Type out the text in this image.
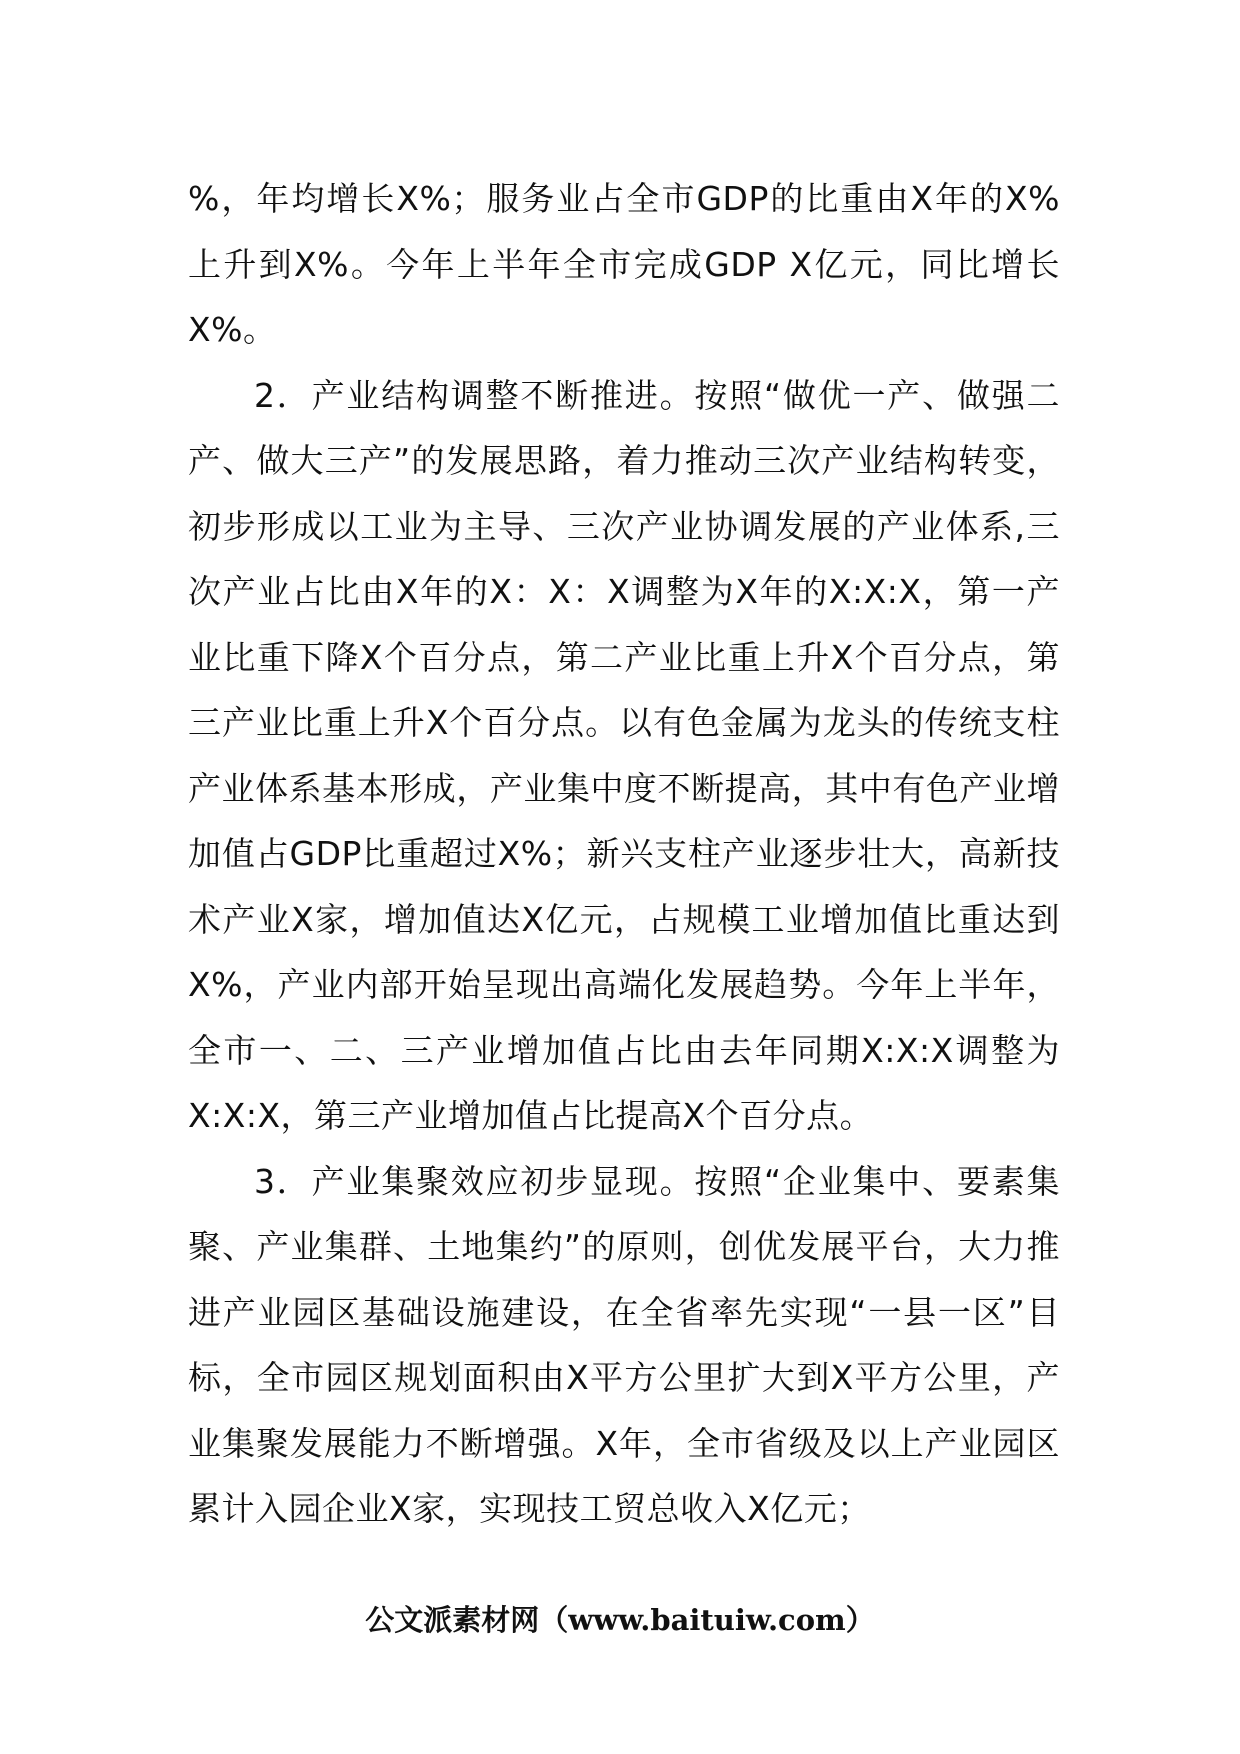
%，年均增长X%；服务业占全市GDP的比重由X年的X%上升到X%。今年上半年全市完成GDP X亿元，同比增长X%。

2．产业结构调整不断推进。按照“做优一产、做强二产、做大三产”的发展思路，着力推动三次产业结构转变，初步形成以工业为主导、三次产业协调发展的产业体系,三次产业占比由X年的X：X：X调整为X年的X:X:X，第一产业比重下降X个百分点，第二产业比重上升X个百分点，第三产业比重上升X个百分点。以有色金属为龙头的传统支柱产业体系基本形成，产业集中度不断提高，其中有色产业增加值占GDP比重超过X%；新兴支柱产业逐步壮大，高新技术产业X家，增加值达X亿元，占规模工业增加值比重达到X%，产业内部开始呈现出高端化发展趋势。今年上半年，全市一、二、三产业增加值占比由去年同期X:X:X调整为X:X:X，第三产业增加值占比提高X个百分点。

3．产业集聚效应初步显现。按照“企业集中、要素集聚、产业集群、土地集约”的原则，创优发展平台，大力推进产业园区基础设施建设，在全省率先实现“一县一区”目标，全市园区规划面积由X平方公里扩大到X平方公里，产业集聚发展能力不断增强。X年，全市省级及以上产业园区累计入园企业X家，实现技工贸总收入X亿元；

公文派素材网（www.baituiw.com）
